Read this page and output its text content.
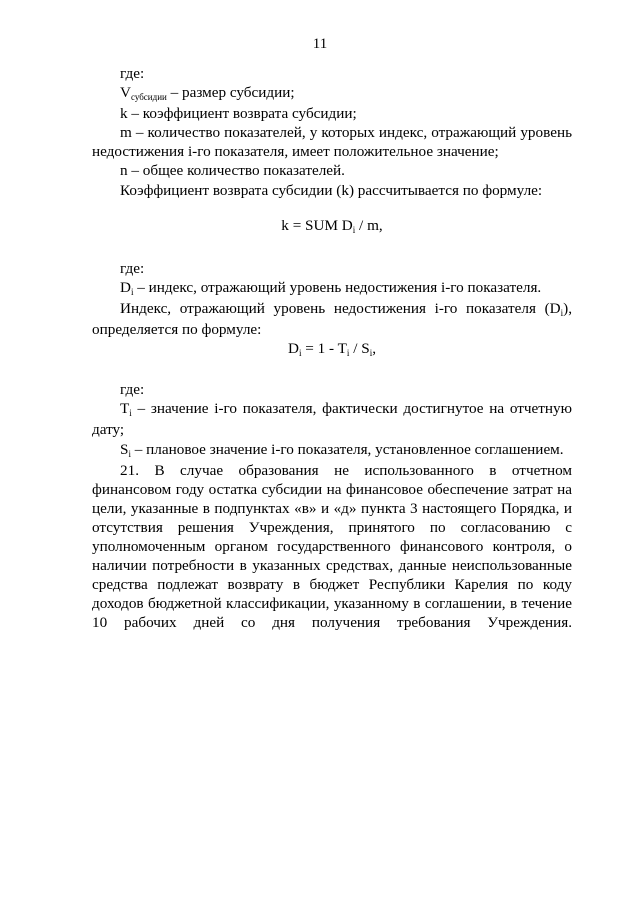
11

где:

Vсубсидии – размер субсидии;

k – коэффициент возврата субсидии;

m – количество показателей, у которых индекс, отражающий уровень

недостижения i-го показателя, имеет положительное значение;

n – общее количество показателей.

Коэффициент возврата субсидии (k) рассчитывается по формуле:

k = SUM Di / m,

где:

Di – индекс, отражающий уровень недостижения i-го показателя.

Индекс, отражающий уровень недостижения i-го показателя (Di),

определяется по формуле:

Di = 1 - Ti / Si,

где:

Ti – значение i-го показателя, фактически достигнутое на отчетную

дату;

Si – плановое значение i-го показателя, установленное соглашением.

21. В случае образования не использованного в отчетном

финансовом году остатка субсидии на финансовое обеспечение затрат на

цели, указанные в подпунктах «в» и «д» пункта 3 настоящего Порядка, и

отсутствия решения Учреждения, принятого по согласованию с

уполномоченным органом государственного финансового контроля, о

наличии потребности в указанных средствах, данные неиспользованные

средства подлежат возврату в бюджет Республики Карелия по коду

доходов бюджетной классификации, указанному в соглашении, в течение

10 рабочих дней со дня получения требования Учреждения.
